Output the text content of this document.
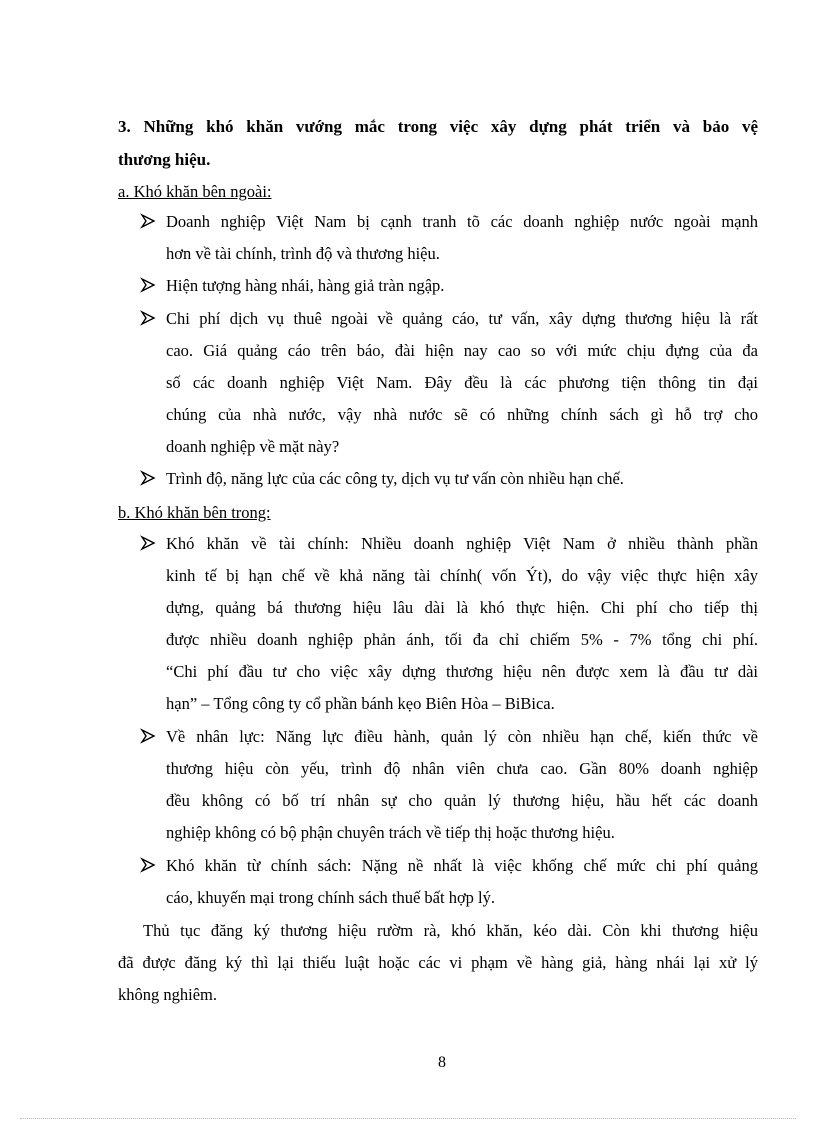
3. Những khó khăn vướng mắc trong việc xây dựng phát triển và bảo vệ
thương hiệu.
a. Khó khăn bên ngoài:
Doanh nghiệp Việt Nam bị cạnh tranh tõ các doanh nghiệp nước ngoài mạnh
hơn về tài chính, trình độ và thương hiệu.
Hiện tượng hàng nhái, hàng giả tràn ngập.
Chi phí dịch vụ thuê ngoài về quảng cáo, tư vấn, xây dựng thương hiệu là rất
cao. Giá quảng cáo trên báo, đài hiện nay cao so với mức chịu đựng của đa
số các doanh nghiệp Việt Nam. Đây đều là các phương tiện thông tin đại
chúng của nhà nước, vậy nhà nước sẽ có những chính sách gì hỗ trợ cho
doanh nghiệp về mặt này?
Trình độ, năng lực của các công ty, dịch vụ tư vấn còn nhiều hạn chế.
b. Khó khăn bên trong:
Khó khăn về tài chính: Nhiều doanh nghiệp Việt Nam ở nhiều thành phần
kinh tế bị hạn chế về khả năng tài chính( vốn Ýt), do vậy việc thực hiện xây
dựng, quảng bá thương hiệu lâu dài là khó thực hiện. Chi phí cho tiếp thị
được nhiều doanh nghiệp phản ánh, tối đa chỉ chiếm 5% - 7% tổng chi phí.
“Chi phí đầu tư cho việc xây dựng thương hiệu nên được xem là đầu tư dài
hạn” – Tổng công ty cổ phần bánh kẹo Biên Hòa – BiBica.
Về nhân lực: Năng lực điều hành, quản lý còn nhiều hạn chế, kiến thức về
thương hiệu còn yếu, trình độ nhân viên chưa cao. Gần 80% doanh nghiệp
đều không có bố trí nhân sự cho quản lý thương hiệu, hầu hết các doanh
nghiệp không có bộ phận chuyên trách về tiếp thị hoặc thương hiệu.
Khó khăn từ chính sách: Nặng nề nhất là việc khống chế mức chi phí quảng
cáo, khuyến mại trong chính sách thuế bất hợp lý.
Thủ tục đăng ký thương hiệu rườm rà, khó khăn, kéo dài. Còn khi thương hiệu
đã được đăng ký thì lại thiếu luật hoặc các vi phạm về hàng giả, hàng nhái lại xử lý
không nghiêm.
8
